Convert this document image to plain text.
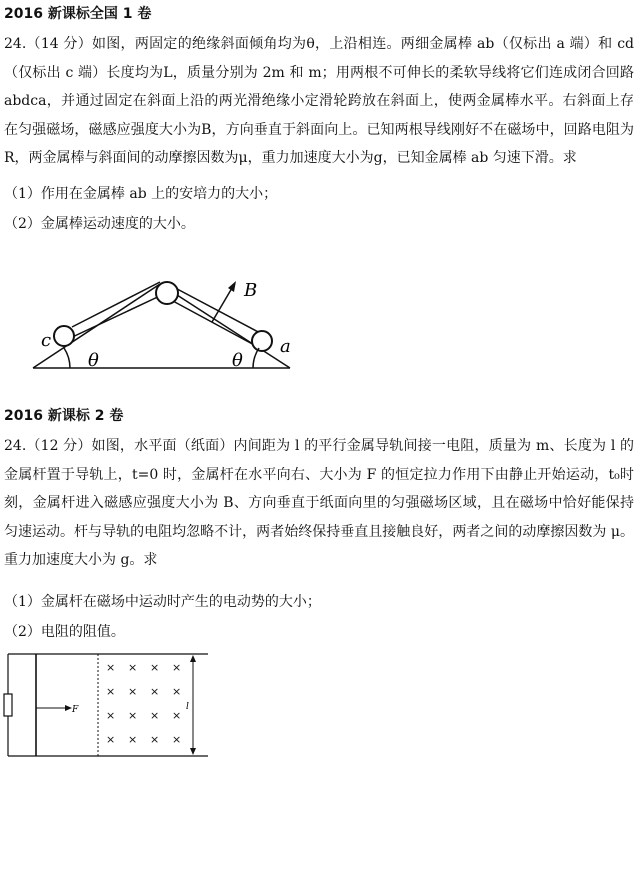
2016 新课标全国 1 卷
24.（14 分）如图，两固定的绝缘斜面倾角均为θ，上沿相连。两细金属棒 ab（仅标出 a 端）和 cd（仅标出 c 端）长度均为L，质量分别为 2m 和 m；用两根不可伸长的柔软导线将它们连成闭合回路 abdca，并通过固定在斜面上沿的两光滑绝缘小定滑轮跨放在斜面上，使两金属棒水平。右斜面上存在匀强磁场，磁感应强度大小为B，方向垂直于斜面向上。已知两根导线刚好不在磁场中，回路电阻为R，两金属棒与斜面间的动摩擦因数为μ，重力加速度大小为g，已知金属棒 ab 匀速下滑。求
（1）作用在金属棒 ab 上的安培力的大小；
（2）金属棒运动速度的大小。
B
c	a
θ	θ
2016 新课标 2 卷
24.（12 分）如图，水平面（纸面）内间距为 l 的平行金属导轨间接一电阻，质量为 m、长度为 l 的金属杆置于导轨上，t=0 时，金属杆在水平向右、大小为 F 的恒定拉力作用下由静止开始运动，t₀时刻，金属杆进入磁感应强度大小为 B、方向垂直于纸面向里的匀强磁场区域，且在磁场中恰好能保持匀速运动。杆与导轨的电阻均忽略不计，两者始终保持垂直且接触良好，两者之间的动摩擦因数为 μ。重力加速度大小为 g。求
（1）金属杆在磁场中运动时产生的电动势的大小；
（2）电阻的阻值。
F
× × × ×
× × × ×
× × × ×
× × × ×
l
